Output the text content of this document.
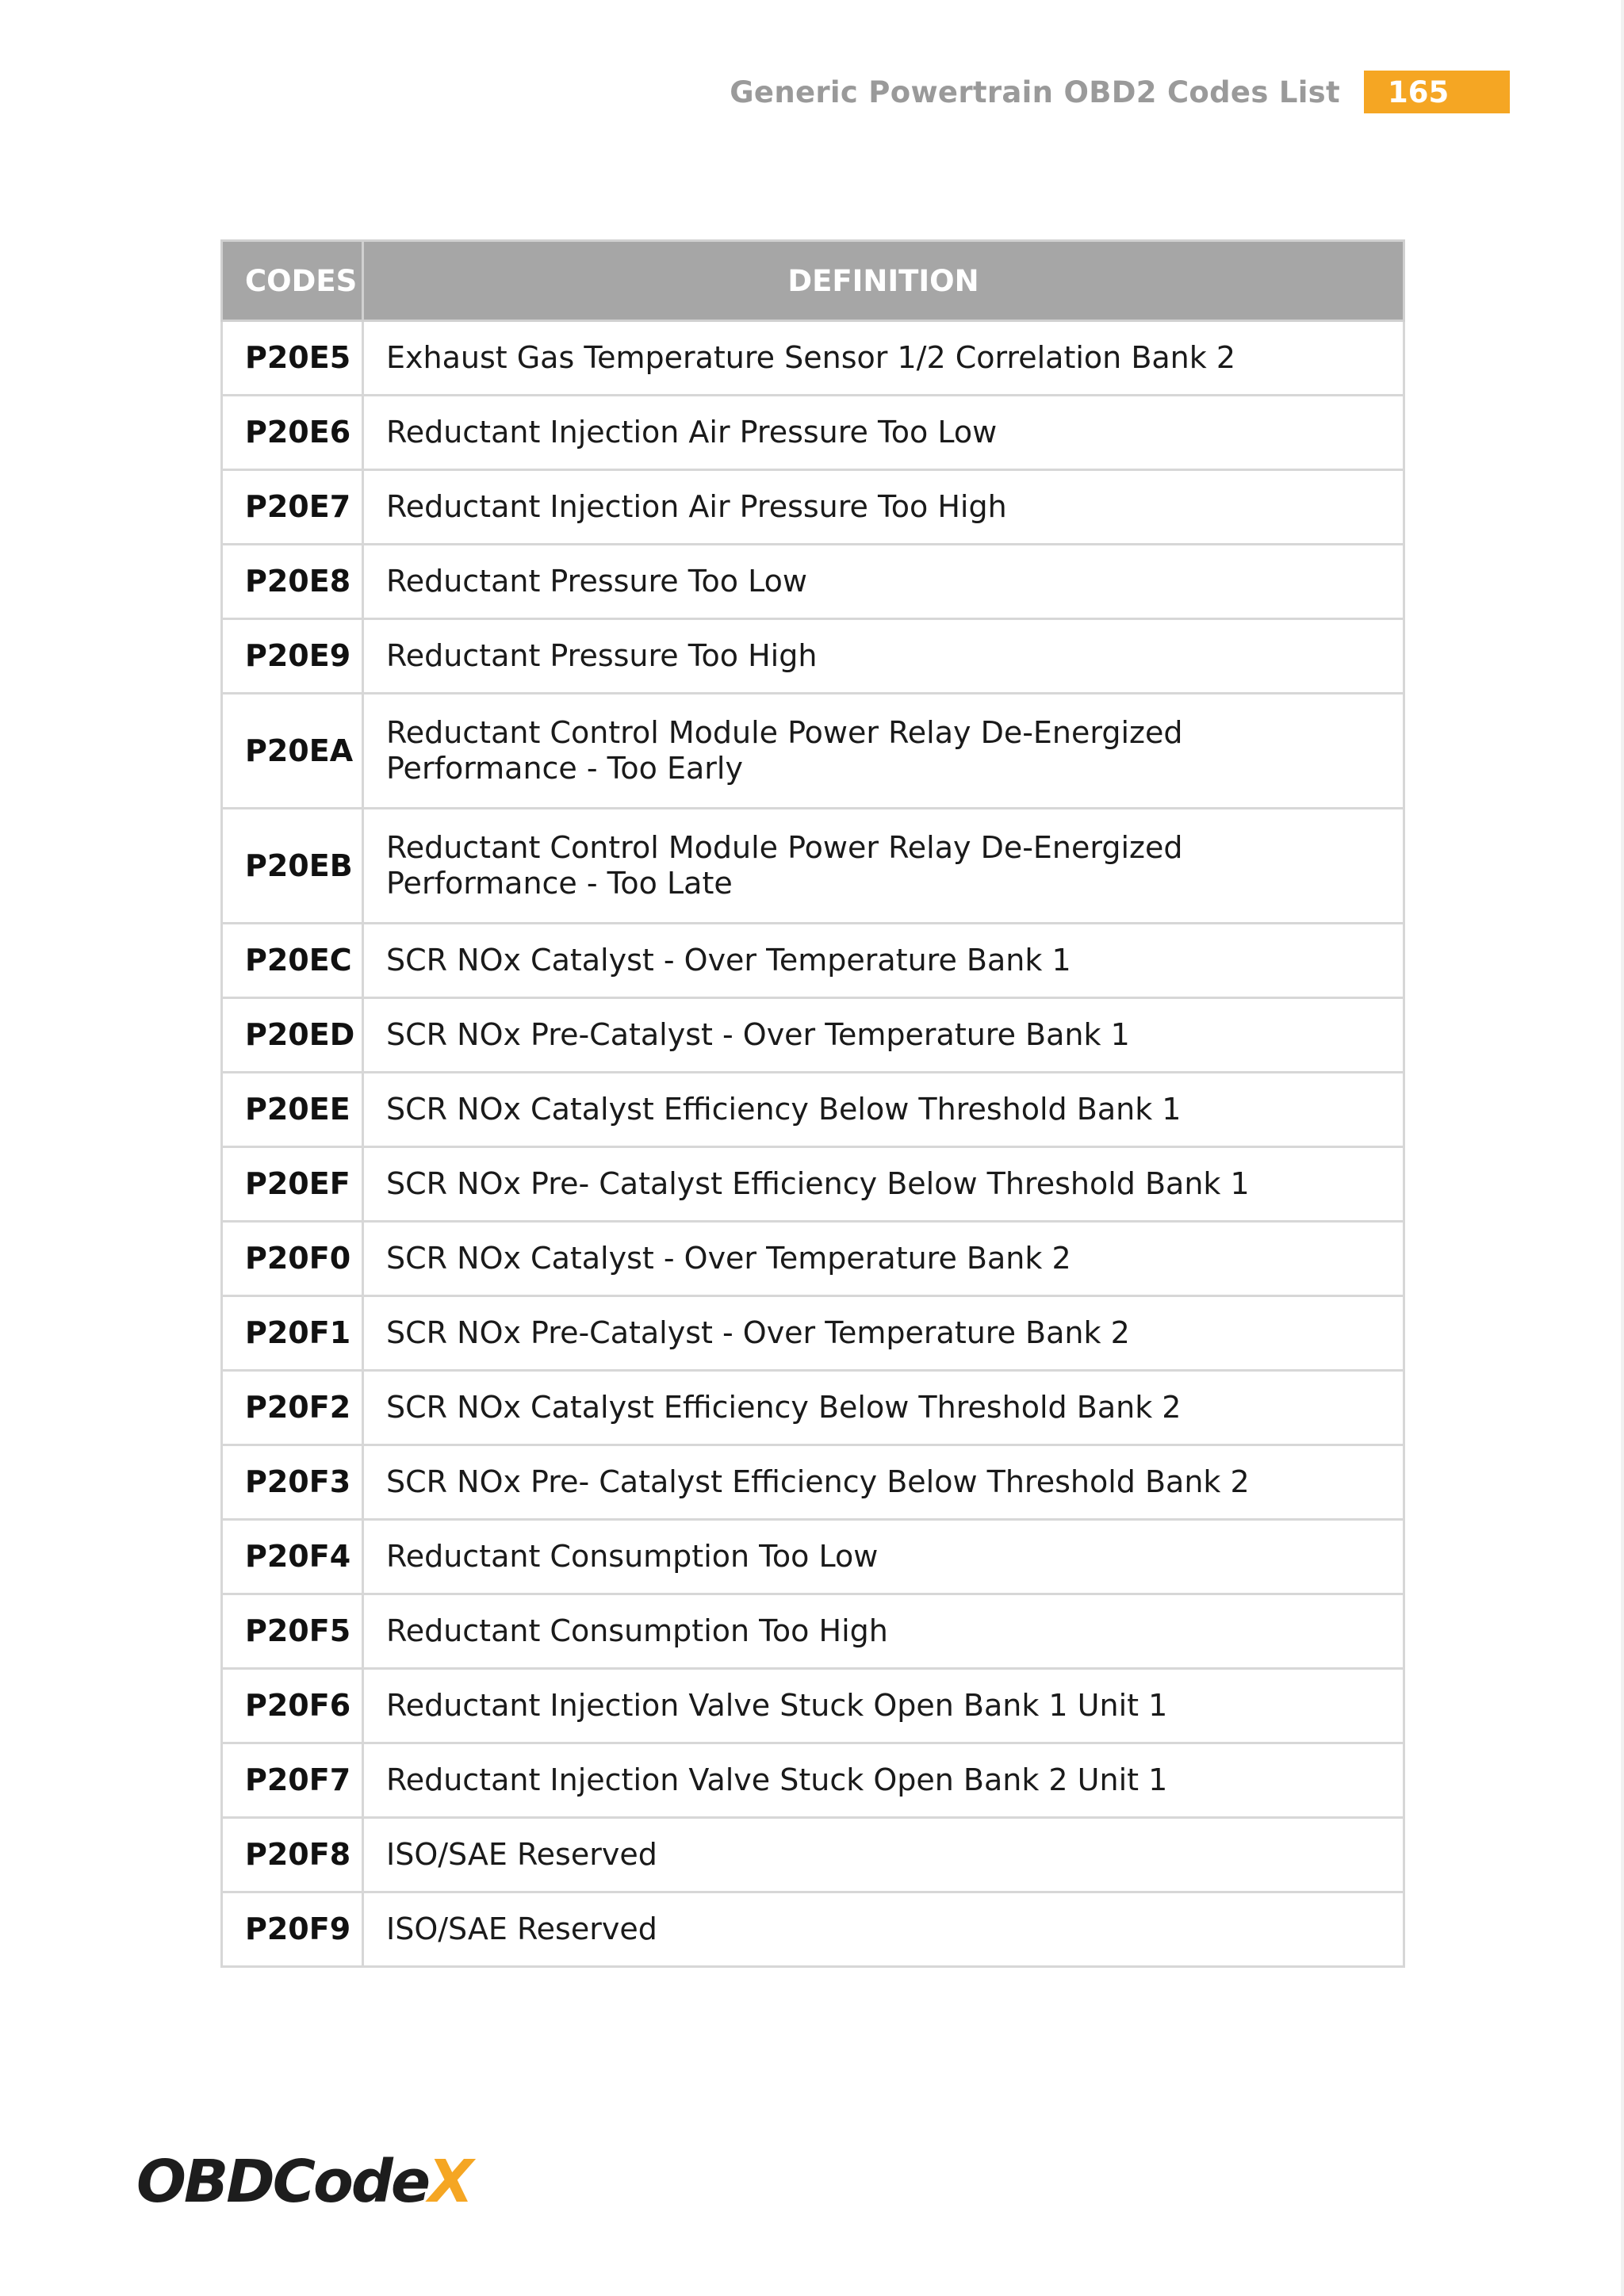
Generic Powertrain OBD2 Codes List	165
CODES	DEFINITION
P20E5	Exhaust Gas Temperature Sensor 1/2 Correlation Bank 2
P20E6	Reductant Injection Air Pressure Too Low
P20E7	Reductant Injection Air Pressure Too High
P20E8	Reductant Pressure Too Low
P20E9	Reductant Pressure Too High
P20EA	Reductant Control Module Power Relay De-Energized Performance - Too Early
P20EB	Reductant Control Module Power Relay De-Energized Performance - Too Late
P20EC	SCR NOx Catalyst - Over Temperature Bank 1
P20ED	SCR NOx Pre-Catalyst - Over Temperature Bank 1
P20EE	SCR NOx Catalyst Efficiency Below Threshold Bank 1
P20EF	SCR NOx Pre- Catalyst Efficiency Below Threshold Bank 1
P20F0	SCR NOx Catalyst - Over Temperature Bank 2
P20F1	SCR NOx Pre-Catalyst - Over Temperature Bank 2
P20F2	SCR NOx Catalyst Efficiency Below Threshold Bank 2
P20F3	SCR NOx Pre- Catalyst Efficiency Below Threshold Bank 2
P20F4	Reductant Consumption Too Low
P20F5	Reductant Consumption Too High
P20F6	Reductant Injection Valve Stuck Open Bank 1 Unit 1
P20F7	Reductant Injection Valve Stuck Open Bank 2 Unit 1
P20F8	ISO/SAE Reserved
P20F9	ISO/SAE Reserved
OBDCodeX
